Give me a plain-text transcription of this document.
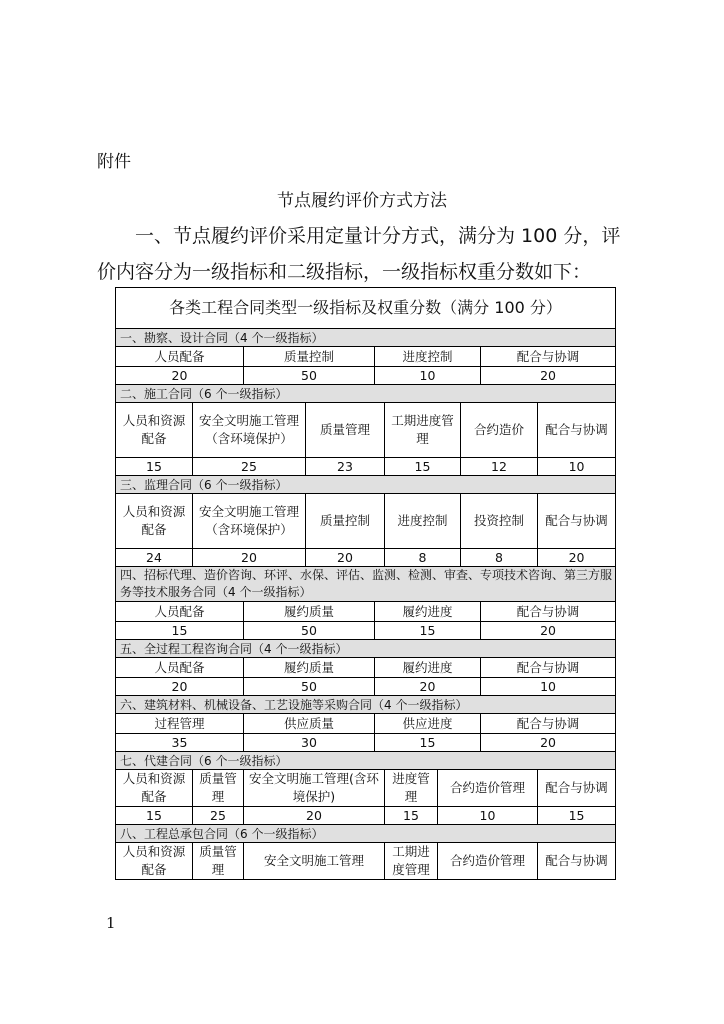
附件
节点履约评价方式方法
一、节点履约评价采用定量计分方式，满分为 100 分，评
价内容分为一级指标和二级指标，一级指标权重分数如下：
各类工程合同类型一级指标及权重分数（满分 100 分）									
一、勘察、设计合同（4 个一级指标）									
人员配备		质量控制		进度控制				配合与协调	
20		50		10				20	
二、施工合同（6 个一级指标）									
人员和资源配备	安全文明施工管理（含环境保护）		质量管理		工期进度管理		合约造价		配合与协调
15	25		23		15		12		10
三、监理合同（6 个一级指标）									
人员和资源配备	安全文明施工管理（含环境保护）		质量控制		进度控制		投资控制		配合与协调
24	20		20		8		8		20
四、招标代理、造价咨询、环评、水保、评估、监测、检测、审查、专项技术咨询、第三方服务等技术服务合同（4 个一级指标）									
人员配备		履约质量		履约进度				配合与协调	
15		50		15				20	
五、全过程工程咨询合同（4 个一级指标）									
人员配备		履约质量		履约进度				配合与协调	
20		50		20				10	
六、建筑材料、机械设备、工艺设施等采购合同（4 个一级指标）									
过程管理		供应质量		供应进度				配合与协调	
35		30		15				20	
七、代建合同（6 个一级指标）									
人员和资源配备	质量管理	安全文明施工管理(含环境保护)			进度管理	合约造价管理			配合与协调
15	25	20			15	10			15
八、工程总承包合同（6 个一级指标）									
人员和资源配备	质量管理	安全文明施工管理			工期进度管理	合约造价管理			配合与协调
1
